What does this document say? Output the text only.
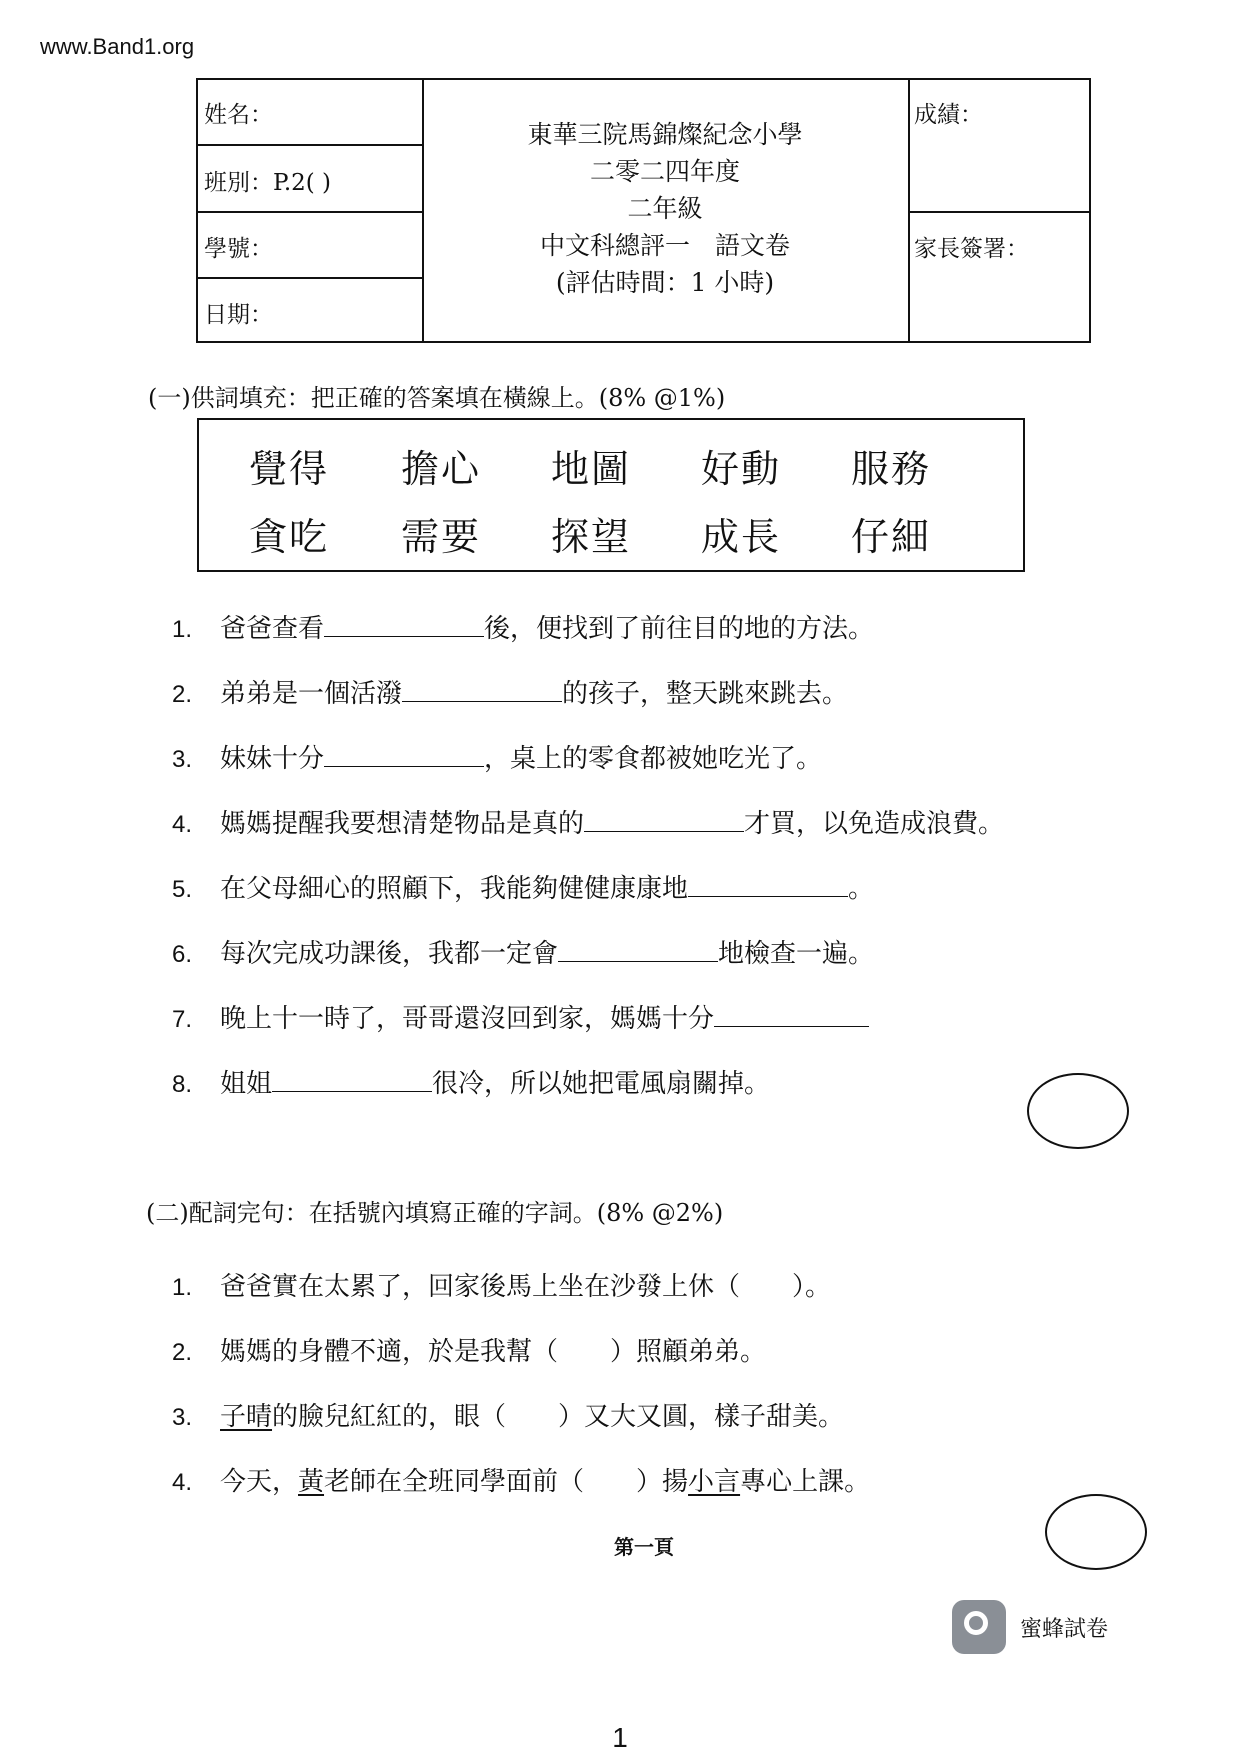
www.Band1.org
姓名：
班別：P.2( )
學號：
日期：
東華三院馬錦燦紀念小學
二零二四年度
二年級
中文科總評一　語文卷
(評估時間：1 小時)
成績：
家長簽署：
(一)供詞填充：把正確的答案填在橫線上。(8% @1%)
覺得 擔心 地圖 好動 服務
貪吃 需要 探望 成長 仔細
1. 爸爸查看	後，便找到了前往目的地的方法。
2. 弟弟是一個活潑	的孩子，整天跳來跳去。
3. 妹妹十分	，桌上的零食都被她吃光了。
4. 媽媽提醒我要想清楚物品是真的	才買，以免造成浪費。
5. 在父母細心的照顧下，我能夠健健康康地	。
6. 每次完成功課後，我都一定會	地檢查一遍。
7. 晚上十一時了，哥哥還沒回到家，媽媽十分
8. 姐姐	很冷，所以她把電風扇關掉。
(二)配詞完句：在括號內填寫正確的字詞。(8% @2%)
1. 爸爸實在太累了，回家後馬上坐在沙發上休（　　）。
2. 媽媽的身體不適，於是我幫（　　）照顧弟弟。
3. 子晴的臉兒紅紅的，眼（　　）又大又圓，樣子甜美。
4. 今天，黃老師在全班同學面前（　　）揚小言專心上課。
第一頁
蜜蜂試卷
1
